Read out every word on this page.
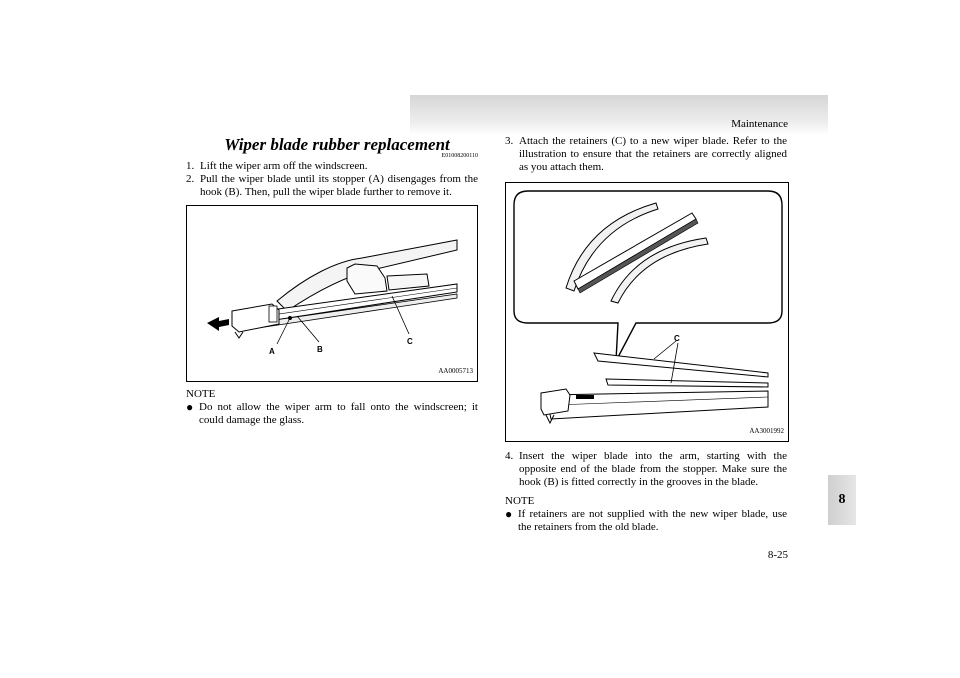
Maintenance
8
8-25
Wiper blade rubber replacement
E01008200110
1. Lift the wiper arm off the windscreen.
2. Pull the wiper blade until its stopper (A) disengages from the hook (B). Then, pull the wiper blade further to remove it.
A	B
C
AA0005713
NOTE
● Do not allow the wiper arm to fall onto the windscreen; it could damage the glass.
3. Attach the retainers (C) to a new wiper blade. Refer to the illustration to ensure that the retainers are correctly aligned as you attach them.
C
AA3001992
4. Insert the wiper blade into the arm, starting with the opposite end of the blade from the stopper. Make sure the hook (B) is fitted correctly in the grooves in the blade.
NOTE
● If retainers are not supplied with the new wiper blade, use the retainers from the old blade.
